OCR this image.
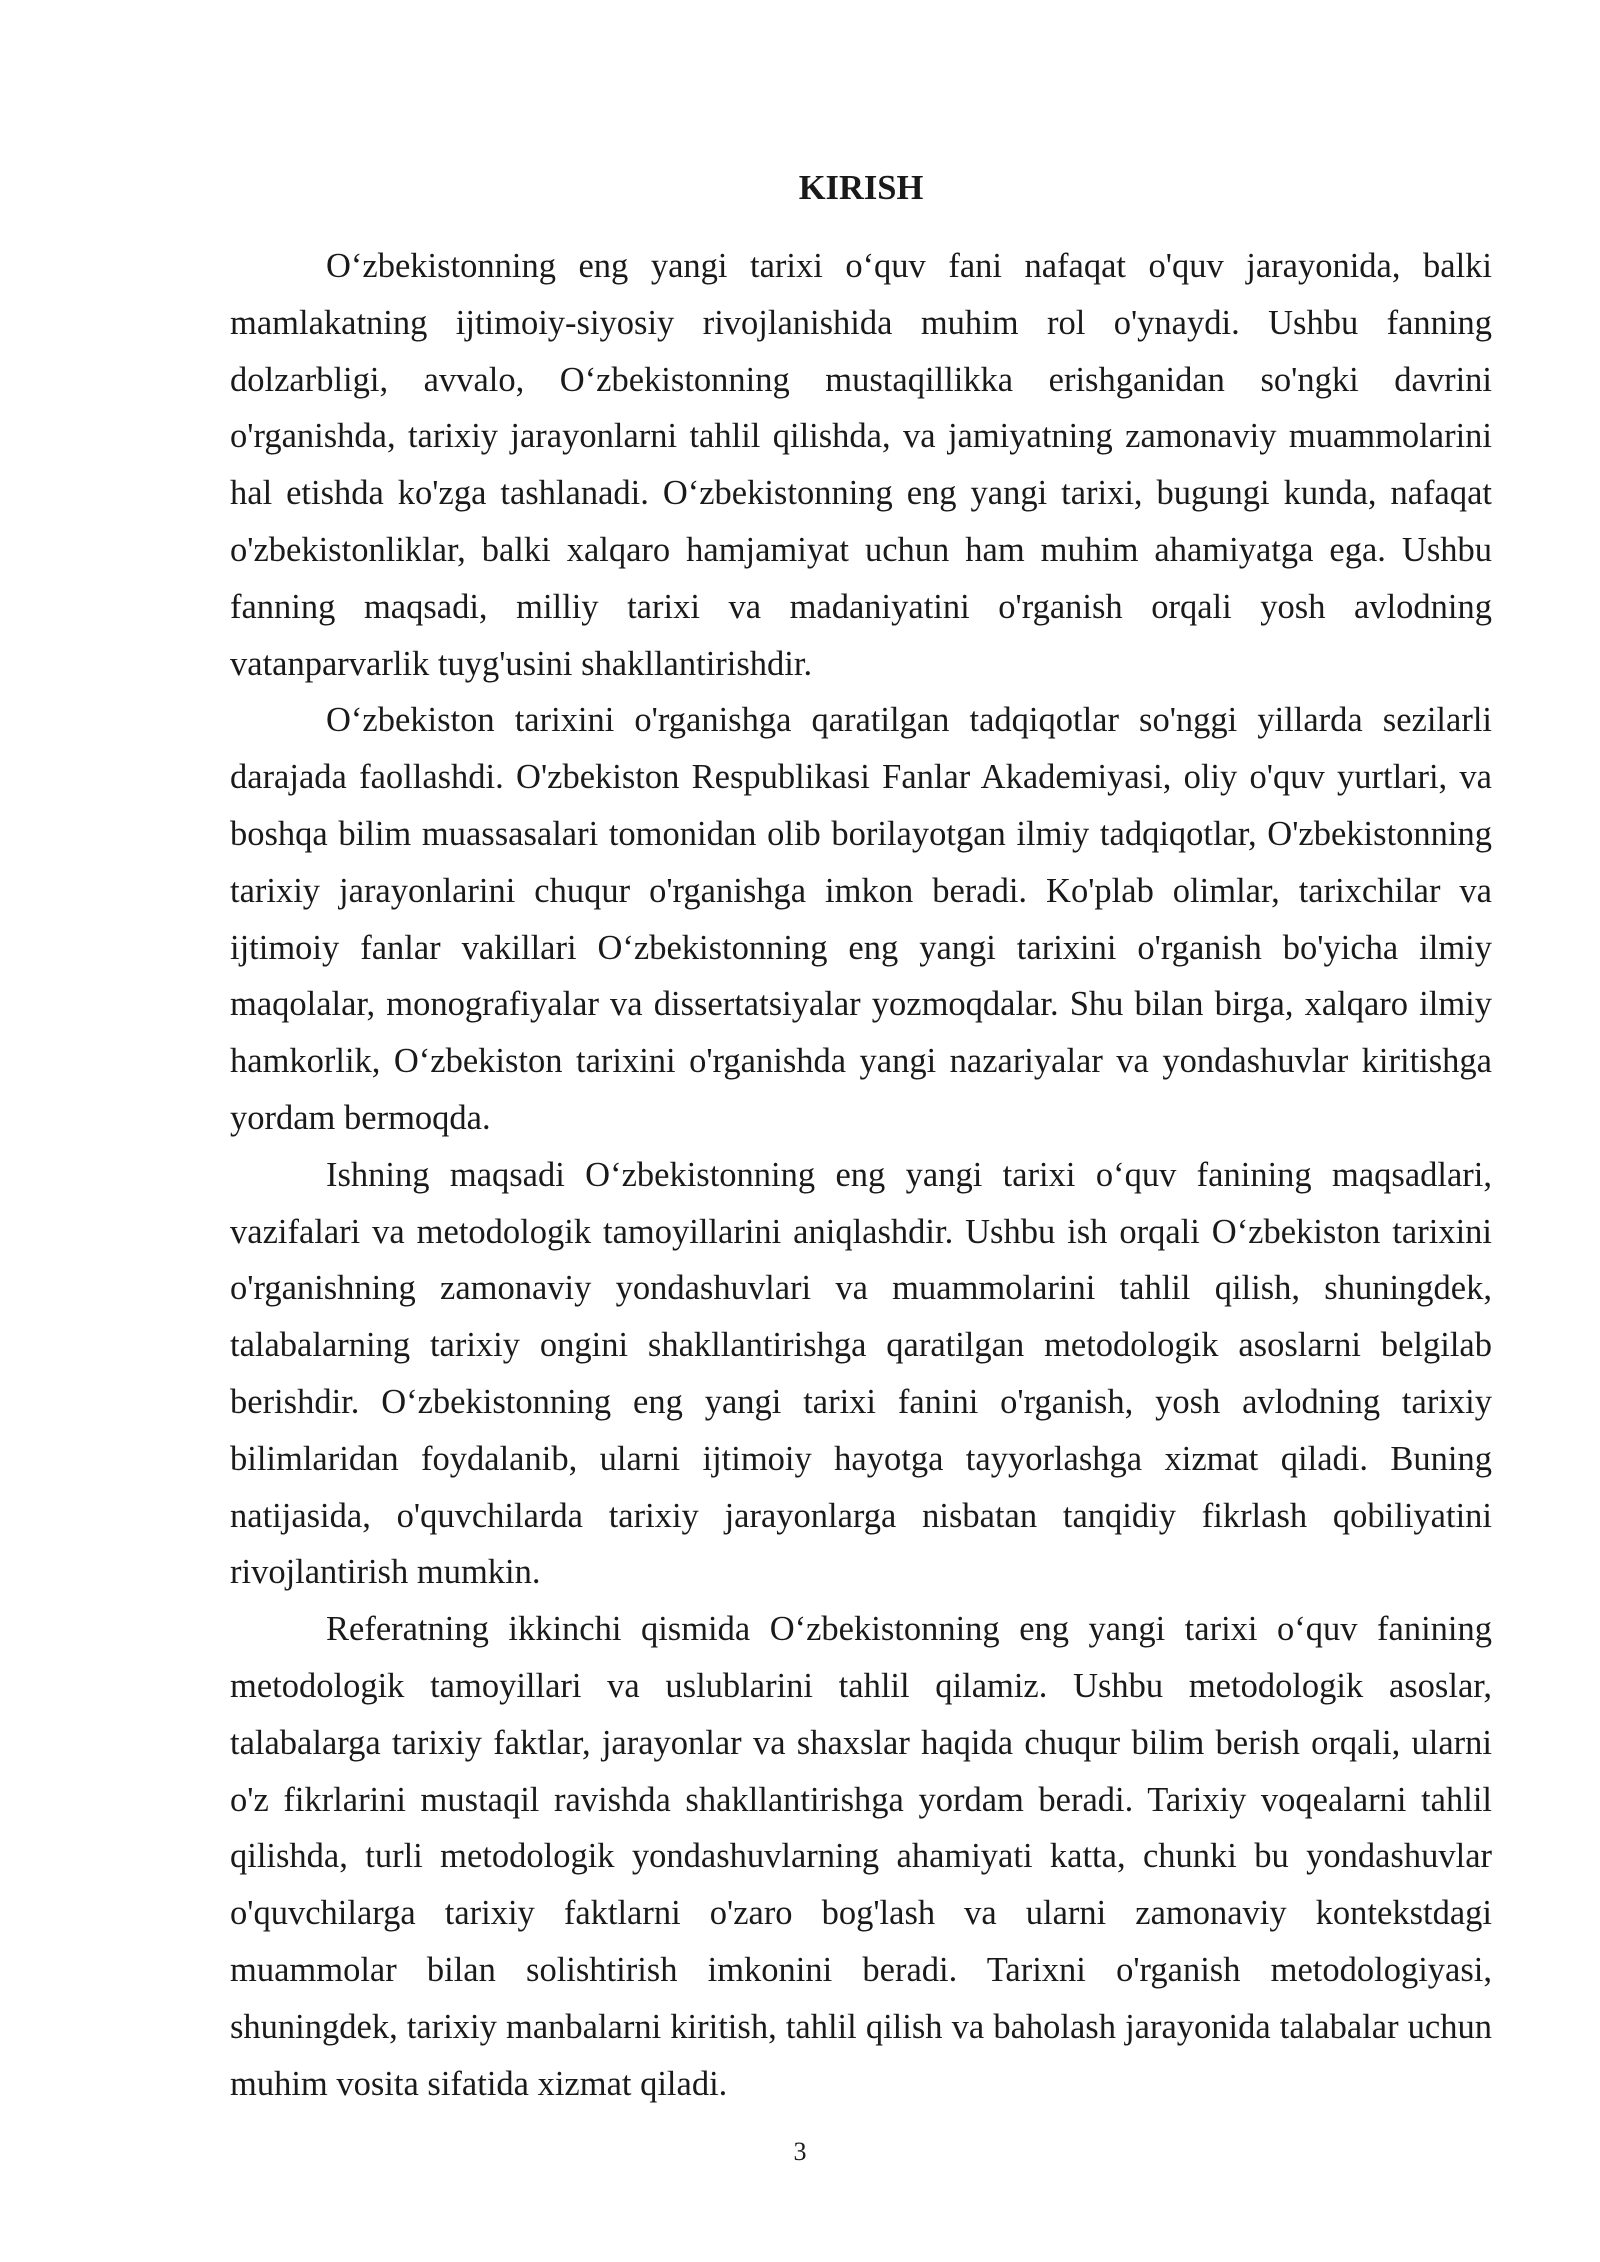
KIRISH

O‘zbekistonning eng yangi tarixi o‘quv fani nafaqat o'quv jarayonida, balki mamlakatning ijtimoiy-siyosiy rivojlanishida muhim rol o'ynaydi. Ushbu fanning dolzarbligi, avvalo, O‘zbekistonning mustaqillikka erishganidan so'ngki davrini o'rganishda, tarixiy jarayonlarni tahlil qilishda, va jamiyatning zamonaviy muammolarini hal etishda ko'zga tashlanadi. O‘zbekistonning eng yangi tarixi, bugungi kunda, nafaqat o'zbekistonliklar, balki xalqaro hamjamiyat uchun ham muhim ahamiyatga ega. Ushbu fanning maqsadi, milliy tarixi va madaniyatini o'rganish orqali yosh avlodning vatanparvarlik tuyg'usini shakllantirishdir.

O‘zbekiston tarixini o'rganishga qaratilgan tadqiqotlar so'nggi yillarda sezilarli darajada faollashdi. O'zbekiston Respublikasi Fanlar Akademiyasi, oliy o'quv yurtlari, va boshqa bilim muassasalari tomonidan olib borilayotgan ilmiy tadqiqotlar, O'zbekistonning tarixiy jarayonlarini chuqur o'rganishga imkon beradi. Ko'plab olimlar, tarixchilar va ijtimoiy fanlar vakillari O‘zbekistonning eng yangi tarixini o'rganish bo'yicha ilmiy maqolalar, monografiyalar va dissertatsiyalar yozmoqdalar. Shu bilan birga, xalqaro ilmiy hamkorlik, O‘zbekiston tarixini o'rganishda yangi nazariyalar va yondashuvlar kiritishga yordam bermoqda.

Ishning maqsadi O‘zbekistonning eng yangi tarixi o‘quv fanining maqsadlari, vazifalari va metodologik tamoyillarini aniqlashdir. Ushbu ish orqali O‘zbekiston tarixini o'rganishning zamonaviy yondashuvlari va muammolarini tahlil qilish, shuningdek, talabalarning tarixiy ongini shakllantirishga qaratilgan metodologik asoslarni belgilab berishdir. O‘zbekistonning eng yangi tarixi fanini o'rganish, yosh avlodning tarixiy bilimlaridan foydalanib, ularni ijtimoiy hayotga tayyorlashga xizmat qiladi. Buning natijasida, o'quvchilarda tarixiy jarayonlarga nisbatan tanqidiy fikrlash qobiliyatini rivojlantirish mumkin.

Referatning ikkinchi qismida O‘zbekistonning eng yangi tarixi o‘quv fanining metodologik tamoyillari va uslublarini tahlil qilamiz. Ushbu metodologik asoslar, talabalarga tarixiy faktlar, jarayonlar va shaxslar haqida chuqur bilim berish orqali, ularni o'z fikrlarini mustaqil ravishda shakllantirishga yordam beradi. Tarixiy voqealarni tahlil qilishda, turli metodologik yondashuvlarning ahamiyati katta, chunki bu yondashuvlar o'quvchilarga tarixiy faktlarni o'zaro bog'lash va ularni zamonaviy kontekstdagi muammolar bilan solishtirish imkonini beradi. Tarixni o'rganish metodologiyasi, shuningdek, tarixiy manbalarni kiritish, tahlil qilish va baholash jarayonida talabalar uchun muhim vosita sifatida xizmat qiladi.

3
